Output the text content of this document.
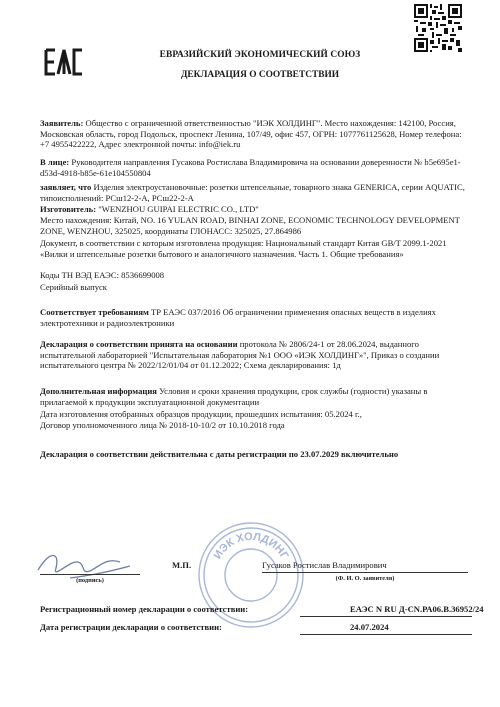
ЕВРАЗИЙСКИЙ ЭКОНОМИЧЕСКИЙ СОЮЗ
ДЕКЛАРАЦИЯ О СООТВЕТСТВИИ

Заявитель: Общество с ограниченной ответственностью "ИЭК ХОЛДИНГ". Место нахождения: 142100, Россия, Московская область, город Подольск, проспект Ленина, 107/49, офис 457, ОГРН: 1077761125628, Номер телефона: +7 4955422222, Адрес электронной почты: info@iek.ru

В лице: Руководителя направления Гусакова Ростислава Владимировича на основании доверенности № b5e695e1-d53d-4918-b85e-61e104550804

заявляет, что Изделия электроустановочные: розетки штепсельные, товарного знака GENERICA, серии AQUATIC, типоисполнений: РСш12-2-А, РСш22-2-А

Изготовитель: "WENZHOU GUIPAI ELECTRIC CO., LTD"

Место нахождения: Китай, NO. 16 YULAN ROAD, BINHAI ZONE, ECONOMIC TECHNOLOGY DEVELOPMENT ZONE, WENZHOU, 325025, координаты ГЛОНАСС: 325025, 27.864986

Документ, в соответствии с которым изготовлена продукция: Национальный стандарт Китая GB/T 2099.1-2021 «Вилки и штепсельные розетки бытового и аналогичного назначения. Часть 1. Общие требования»

Коды ТН ВЭД ЕАЭС: 8536699008

Серийный выпуск

Соответствует требованиям ТР ЕАЭС 037/2016 Об ограничении применения опасных веществ в изделиях электротехники и радиоэлектроники

Декларация о соответствии принята на основании протокола № 2806/24-1 от 28.06.2024, выданного испытательной лабораторией "Испытательная лаборатория №1 ООО «ИЭК ХОЛДИНГ»", Приказ о создании испытательного центра № 2022/12/01/04 от 01.12.2022; Схема декларирования: 1д

Дополнительная информация Условия и сроки хранения продукции, срок службы (годности) указаны в прилагаемой к продукции эксплуатационной документации

Дата изготовления отобранных образцов продукции, прошедших испытания: 05.2024 г.,

Договор уполномоченного лица № 2018-10-10/2 от 10.10.2018 года

Декларация о соответствии действительна с даты регистрации по 23.07.2029 включительно

ИЭК ХОЛДИНГ
(подпись)
М.П.	Гусаков Ростислав Владимирович
(Ф. И. О. заявителя)
Регистрационный номер декларации о соответствии:	ЕАЭС N RU Д-CN.РА06.В.36952/24
Дата регистрации декларации о соответствии:	24.07.2024
